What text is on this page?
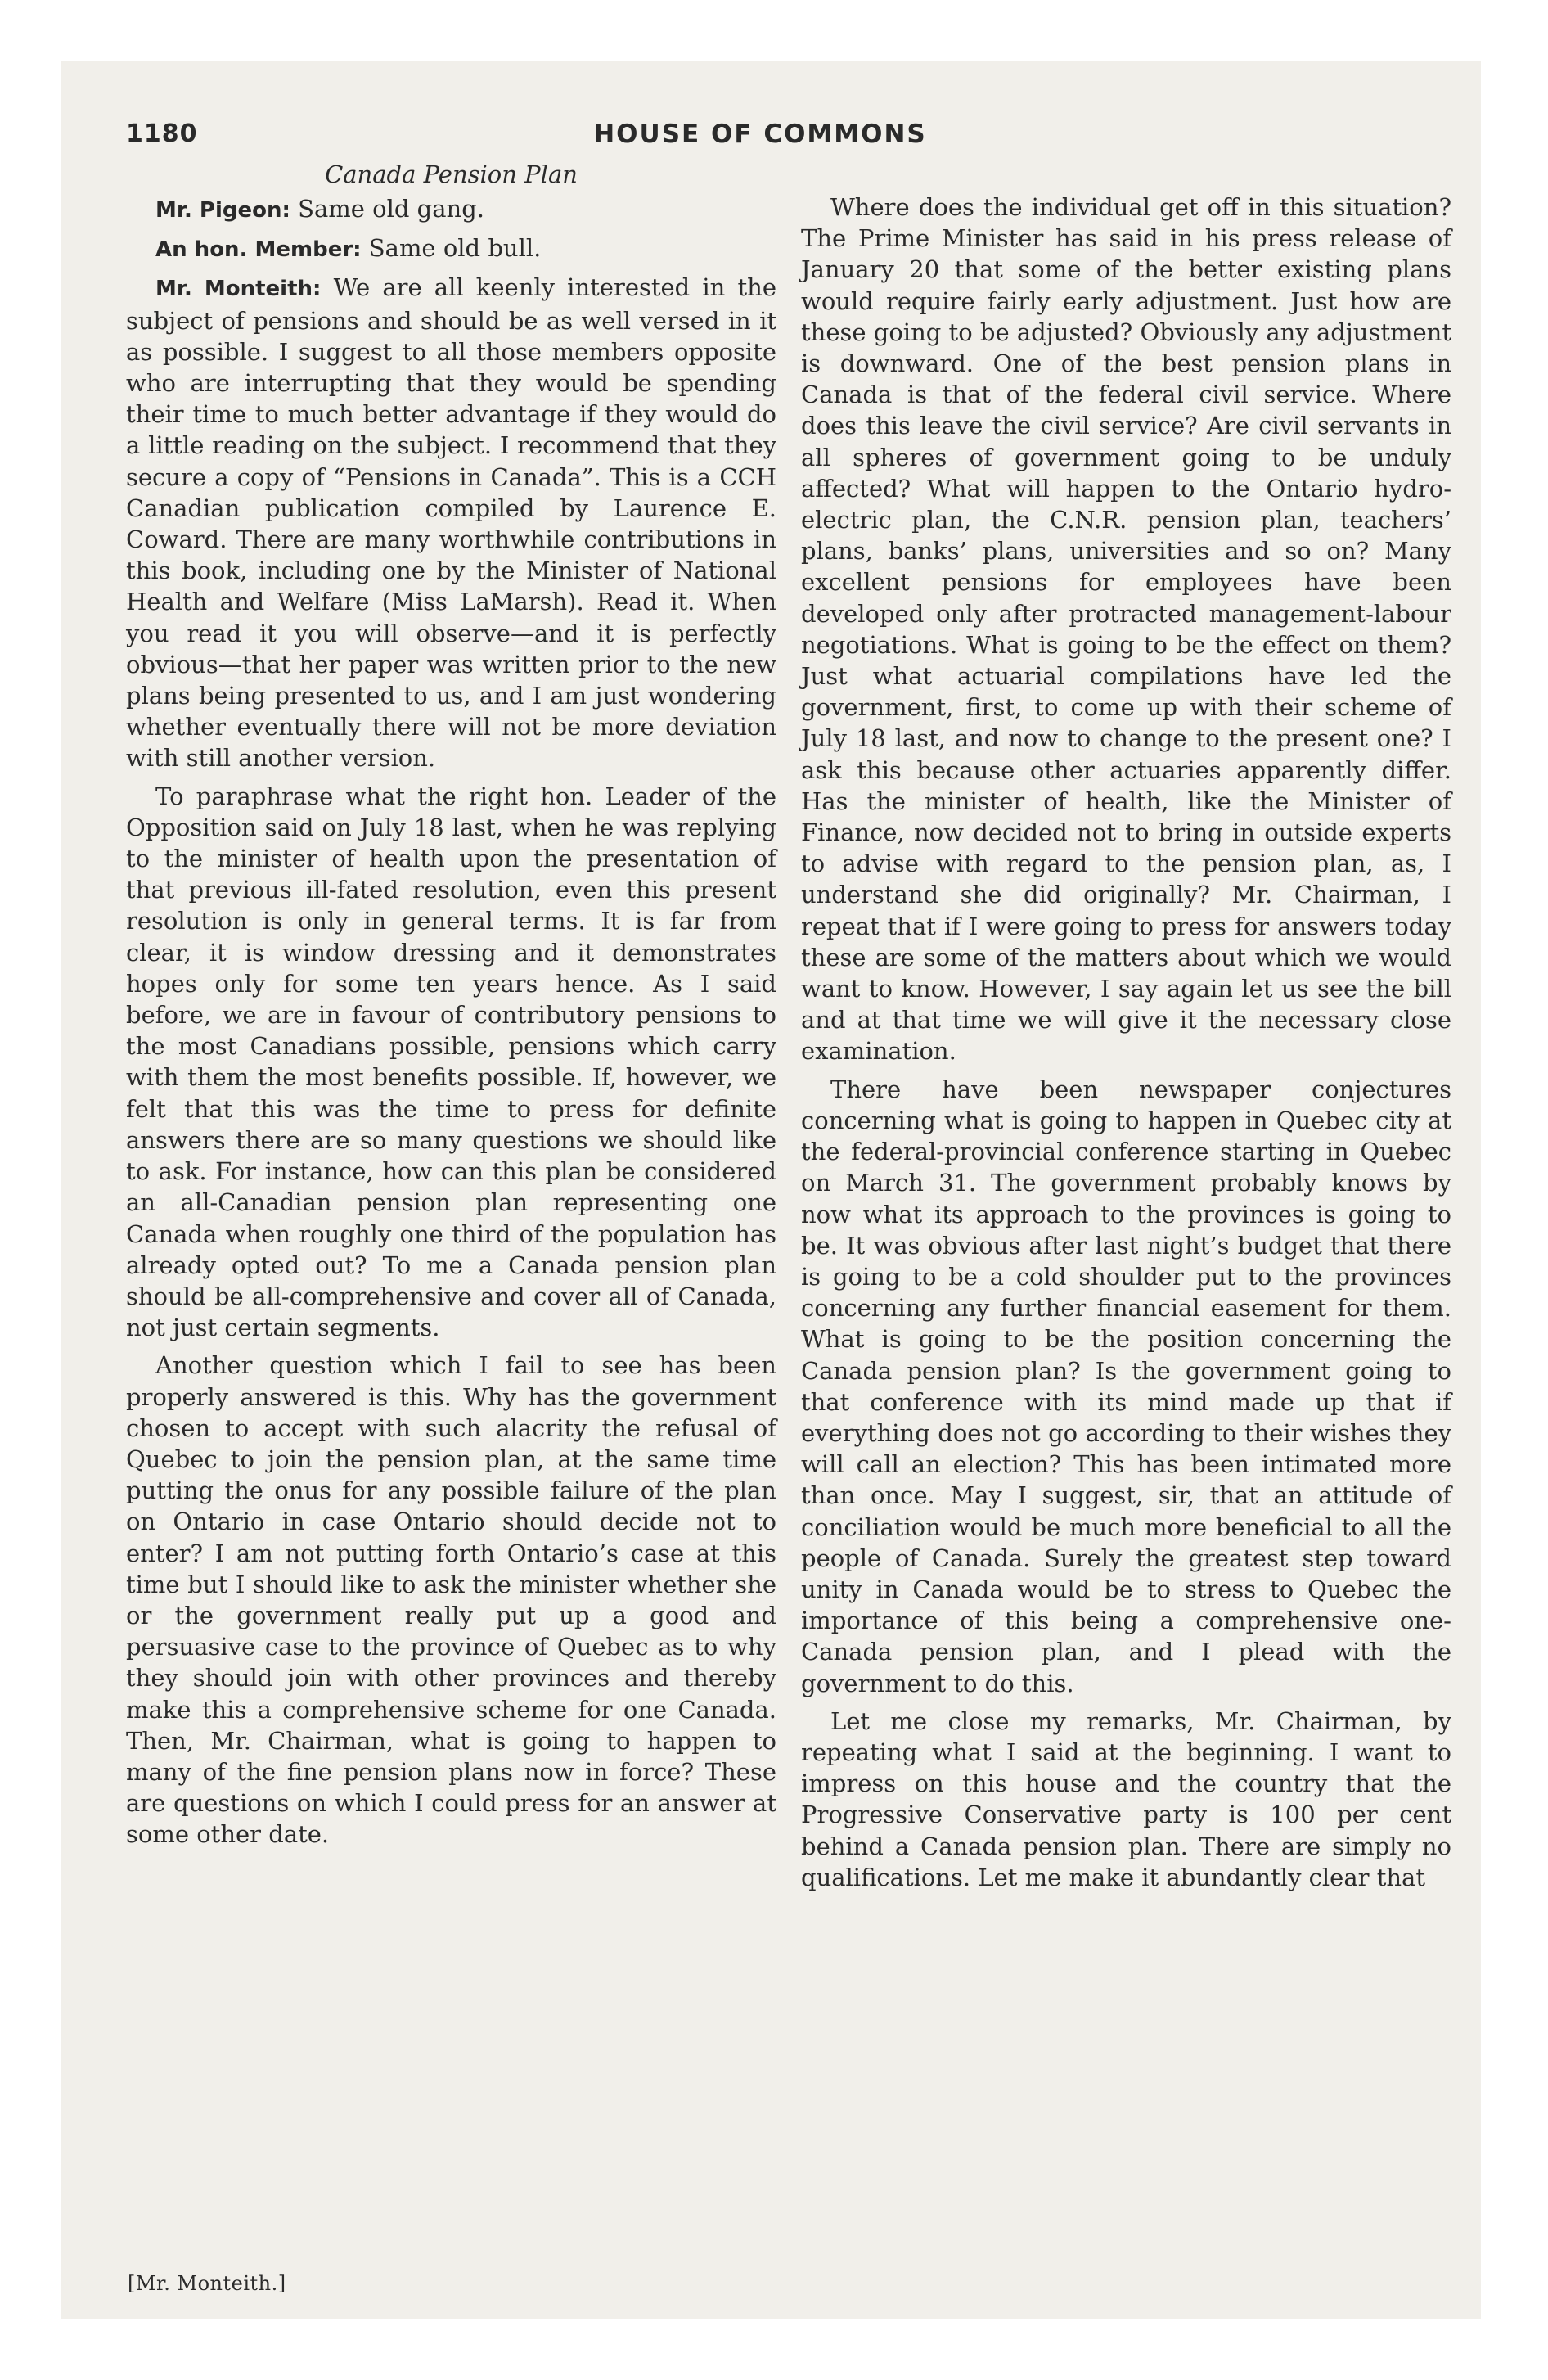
1180	HOUSE OF COMMONS
Canada Pension Plan

Mr. Pigeon: Same old gang.

An hon. Member: Same old bull.

Mr. Monteith: We are all keenly interested in the subject of pensions and should be as well versed in it as possible. I suggest to all those members opposite who are interrupting that they would be spending their time to much better advantage if they would do a little reading on the subject. I recommend that they secure a copy of “Pensions in Canada”. This is a CCH Canadian publication compiled by Laurence E. Coward. There are many worthwhile contributions in this book, including one by the Minister of National Health and Welfare (Miss LaMarsh). Read it. When you read it you will observe—and it is perfectly obvious—that her paper was written prior to the new plans being presented to us, and I am just wondering whether eventually there will not be more deviation with still another version.

To paraphrase what the right hon. Leader of the Opposition said on July 18 last, when he was replying to the minister of health upon the presentation of that previous ill-fated resolution, even this present resolution is only in general terms. It is far from clear, it is window dressing and it demonstrates hopes only for some ten years hence. As I said before, we are in favour of contributory pensions to the most Canadians possible, pensions which carry with them the most benefits possible. If, however, we felt that this was the time to press for definite answers there are so many questions we should like to ask. For instance, how can this plan be considered an all-Canadian pension plan representing one Canada when roughly one third of the population has already opted out? To me a Canada pension plan should be all-comprehensive and cover all of Canada, not just certain segments.

Another question which I fail to see has been properly answered is this. Why has the government chosen to accept with such alacrity the refusal of Quebec to join the pension plan, at the same time putting the onus for any possible failure of the plan on Ontario in case Ontario should decide not to enter? I am not putting forth Ontario’s case at this time but I should like to ask the minister whether she or the government really put up a good and persuasive case to the province of Quebec as to why they should join with other provinces and thereby make this a comprehensive scheme for one Canada. Then, Mr. Chairman, what is going to happen to many of the fine pension plans now in force? These are questions on which I could press for an answer at some other date.

Where does the individual get off in this situation? The Prime Minister has said in his press release of January 20 that some of the better existing plans would require fairly early adjustment. Just how are these going to be adjusted? Obviously any adjustment is downward. One of the best pension plans in Canada is that of the federal civil service. Where does this leave the civil service? Are civil servants in all spheres of government going to be unduly affected? What will happen to the Ontario hydro-electric plan, the C.N.R. pension plan, teachers’ plans, banks’ plans, universities and so on? Many excellent pensions for employees have been developed only after protracted management-labour negotiations. What is going to be the effect on them? Just what actuarial compilations have led the government, first, to come up with their scheme of July 18 last, and now to change to the present one? I ask this because other actuaries apparently differ. Has the minister of health, like the Minister of Finance, now decided not to bring in outside experts to advise with regard to the pension plan, as, I understand she did originally? Mr. Chairman, I repeat that if I were going to press for answers today these are some of the matters about which we would want to know. However, I say again let us see the bill and at that time we will give it the necessary close examination.

There have been newspaper conjectures concerning what is going to happen in Quebec city at the federal-provincial conference starting in Quebec on March 31. The government probably knows by now what its approach to the provinces is going to be. It was obvious after last night’s budget that there is going to be a cold shoulder put to the provinces concerning any further financial easement for them. What is going to be the position concerning the Canada pension plan? Is the government going to that conference with its mind made up that if everything does not go according to their wishes they will call an election? This has been intimated more than once. May I suggest, sir, that an attitude of conciliation would be much more beneficial to all the people of Canada. Surely the greatest step toward unity in Canada would be to stress to Quebec the importance of this being a comprehensive one-Canada pension plan, and I plead with the government to do this.

Let me close my remarks, Mr. Chairman, by repeating what I said at the beginning. I want to impress on this house and the country that the Progressive Conservative party is 100 per cent behind a Canada pension plan. There are simply no qualifications. Let me make it abundantly clear that

[Mr. Monteith.]
